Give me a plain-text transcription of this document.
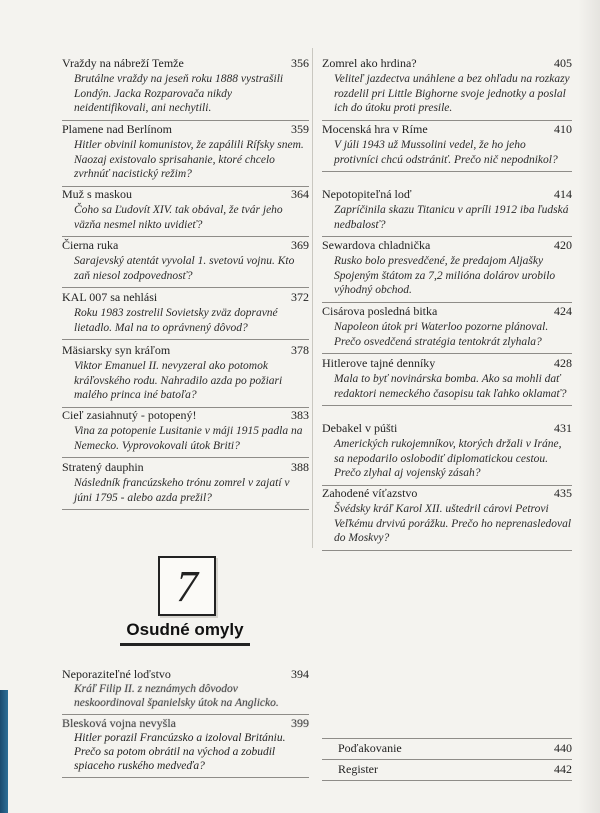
Vraždy na nábreží Temže	356
Brutálne vraždy na jeseň roku 1888 vystrašili Londýn. Jacka Rozparovača nikdy neidentifikovali, ani nechytili.
Plamene nad Berlínom	359
Hitler obvinil komunistov, že zapálili Rífsky snem. Naozaj existovalo sprisahanie, ktoré chcelo zvrhnúť nacistický režim?
Muž s maskou	364
Čoho sa Ľudovít XIV. tak obával, že tvár jeho väzňa nesmel nikto uvidieť?
Čierna ruka	369
Sarajevský atentát vyvolal 1. svetovú vojnu. Kto zaň niesol zodpovednosť?
KAL 007 sa nehlási	372
Roku 1983 zostrelil Sovietsky zväz dopravné lietadlo. Mal na to oprávnený dôvod?
Mäsiarsky syn kráľom	378
Viktor Emanuel II. nevyzeral ako potomok kráľovského rodu. Nahradilo azda po požiari malého princa iné batoľa?
Cieľ zasiahnutý - potopený!	383
Vina za potopenie Lusitanie v máji 1915 padla na Nemecko. Vyprovokovali útok Briti?
Stratený dauphin	388
Následník francúzskeho trónu zomrel v zajatí v júni 1795 - alebo azda prežil?
Zomrel ako hrdina?	405
Veliteľ jazdectva unáhlene a bez ohľadu na rozkazy rozdelil pri Little Bighorne svoje jednotky a poslal ich do útoku proti presile.
Mocenská hra v Ríme	410
V júli 1943 už Mussolini vedel, že ho jeho protivníci chcú odstrániť. Prečo nič nepodnikol?
Nepotopiteľná loď	414
Zapríčinila skazu Titanicu v apríli 1912 iba ľudská nedbalosť?
Sewardova chladnička	420
Rusko bolo presvedčené, že predajom Aljašky Spojeným štátom za 7,2 milióna dolárov urobilo výhodný obchod.
Cisárova posledná bitka	424
Napoleon útok pri Waterloo pozorne plánoval. Prečo osvedčená stratégia tentokrát zlyhala?
Hitlerove tajné denníky	428
Mala to byť novinárska bomba. Ako sa mohli dať redaktori nemeckého časopisu tak ľahko oklamať?
Debakel v púšti	431
Amerických rukojemníkov, ktorých držali v Iráne, sa nepodarilo oslobodiť diplomatickou cestou. Prečo zlyhal aj vojenský zásah?
Zahodené víťazstvo	435
Švédsky kráľ Karol XII. uštedril cárovi Petrovi Veľkému drvivú porážku. Prečo ho neprenasledoval do Moskvy?
7
Osudné omyly
Neporaziteľné loďstvo	394
Kráľ Filip II. z neznámych dôvodov neskoordinoval španielsky útok na Anglicko.
Blesková vojna nevyšla	399
Hitler porazil Francúzsko a izoloval Britániu. Prečo sa potom obrátil na východ a zobudil spiaceho ruského medveďa?
Poďakovanie	440
Register	442
